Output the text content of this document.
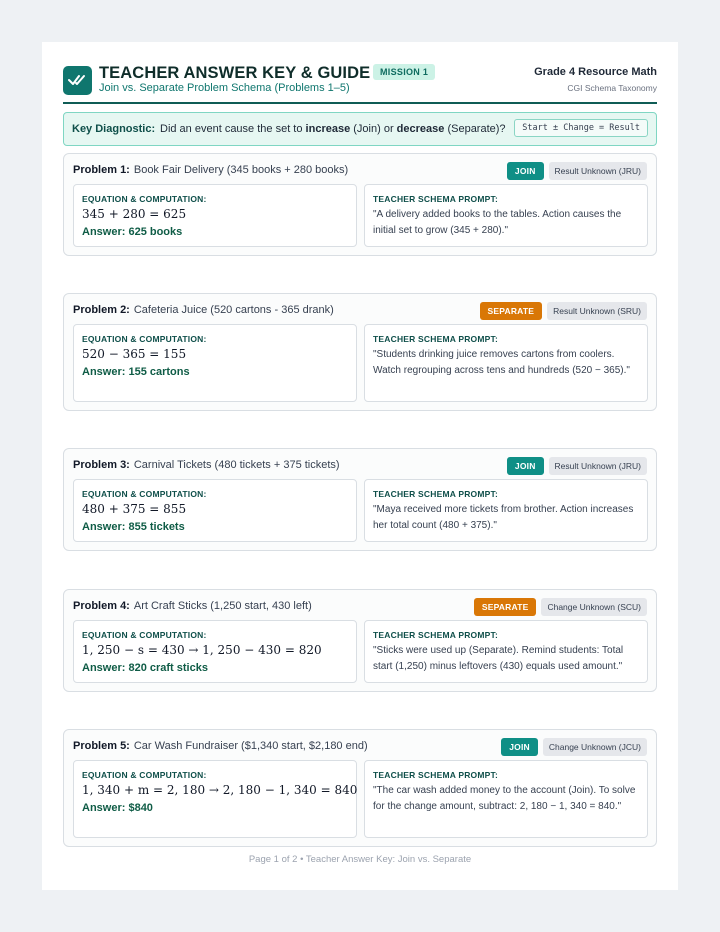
TEACHER ANSWER KEY & GUIDE	MISSION 1
Join vs. Separate Problem Schema (Problems 1–5)
Grade 4 Resource Math
CGI Schema Taxonomy
Key Diagnostic: Did an event cause the set to increase (Join) or decrease (Separate)?	Start ± Change = Result
Problem 1: Book Fair Delivery (345 books + 280 books)	JOIN	Result Unknown (JRU)
EQUATION & COMPUTATION:
345 + 280 = 625
Answer: 625 books
TEACHER SCHEMA PROMPT:
"A delivery added books to the tables. Action causes the initial set to grow (345 + 280)."
Problem 2: Cafeteria Juice (520 cartons - 365 drank)	SEPARATE	Result Unknown (SRU)
EQUATION & COMPUTATION:
520 − 365 = 155
Answer: 155 cartons
TEACHER SCHEMA PROMPT:
"Students drinking juice removes cartons from coolers. Watch regrouping across tens and hundreds (520 − 365)."
Problem 3: Carnival Tickets (480 tickets + 375 tickets)	JOIN	Result Unknown (JRU)
EQUATION & COMPUTATION:
480 + 375 = 855
Answer: 855 tickets
TEACHER SCHEMA PROMPT:
"Maya received more tickets from brother. Action increases her total count (480 + 375)."
Problem 4: Art Craft Sticks (1,250 start, 430 left)	SEPARATE	Change Unknown (SCU)
EQUATION & COMPUTATION:
1, 250 − s = 430 → 1, 250 − 430 = 820
Answer: 820 craft sticks
TEACHER SCHEMA PROMPT:
"Sticks were used up (Separate). Remind students: Total start (1,250) minus leftovers (430) equals used amount."
Problem 5: Car Wash Fundraiser ($1,340 start, $2,180 end)	JOIN	Change Unknown (JCU)
EQUATION & COMPUTATION:
1, 340 + m = 2, 180 → 2, 180 − 1, 340 = 840
Answer: $840
TEACHER SCHEMA PROMPT:
"The car wash added money to the account (Join). To solve for the change amount, subtract: 2, 180 − 1, 340 = 840."
Page 1 of 2 • Teacher Answer Key: Join vs. Separate
